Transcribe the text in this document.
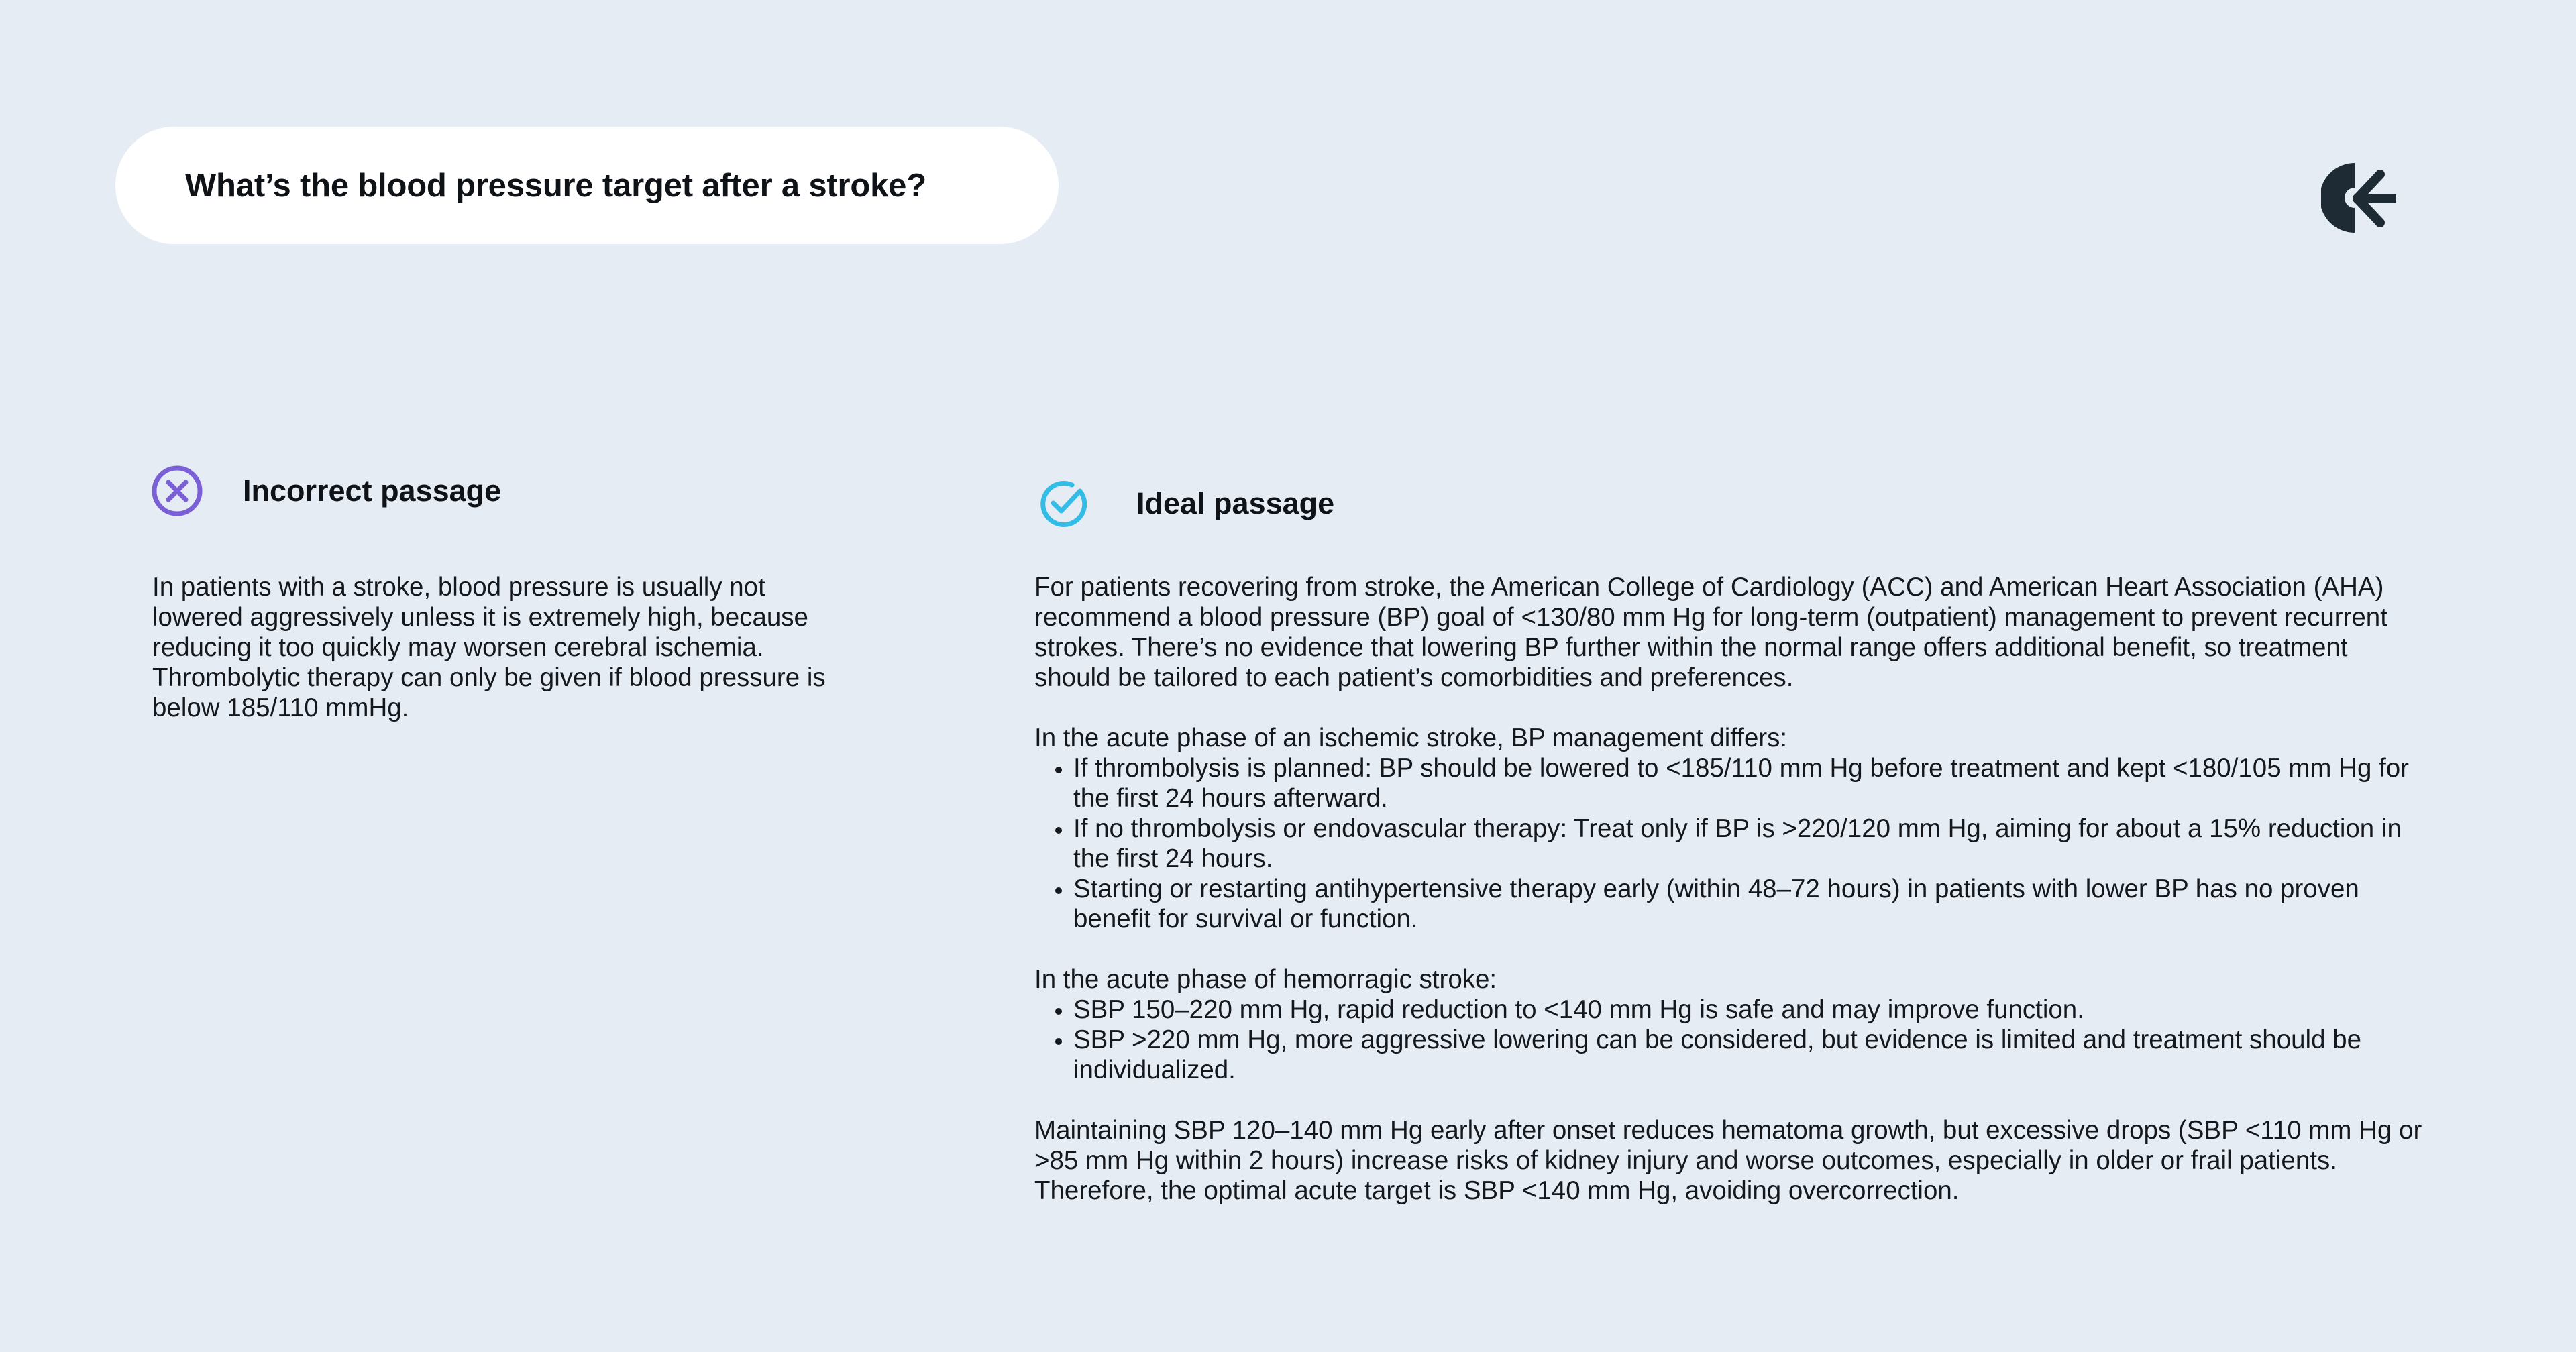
What’s the blood pressure target after a stroke?
Incorrect passage
In patients with a stroke, blood pressure is usually not lowered aggressively unless it is extremely high, because reducing it too quickly may worsen cerebral ischemia. Thrombolytic therapy can only be given if blood pressure is below 185/110 mmHg.
Ideal passage

For patients recovering from stroke, the American College of Cardiology (ACC) and American Heart Association (AHA) recommend a blood pressure (BP) goal of <130/80 mm Hg for long-term (outpatient) management to prevent recurrent strokes. There’s no evidence that lowering BP further within the normal range offers additional benefit, so treatment should be tailored to each patient’s comorbidities and preferences.

In the acute phase of an ischemic stroke, BP management differs:

• If thrombolysis is planned: BP should be lowered to <185/110 mm Hg before treatment and kept <180/105 mm Hg for the first 24 hours afterward.
• If no thrombolysis or endovascular therapy: Treat only if BP is >220/120 mm Hg, aiming for about a 15% reduction in the first 24 hours.
• Starting or restarting antihypertensive therapy early (within 48–72 hours) in patients with lower BP has no proven benefit for survival or function.

In the acute phase of hemorragic stroke:

• SBP 150–220 mm Hg, rapid reduction to <140 mm Hg is safe and may improve function.
• SBP >220 mm Hg, more aggressive lowering can be considered, but evidence is limited and treatment should be individualized.

Maintaining SBP 120–140 mm Hg early after onset reduces hematoma growth, but excessive drops (SBP <110 mm Hg or >85 mm Hg within 2 hours) increase risks of kidney injury and worse outcomes, especially in older or frail patients. Therefore, the optimal acute target is SBP <140 mm Hg, avoiding overcorrection.
